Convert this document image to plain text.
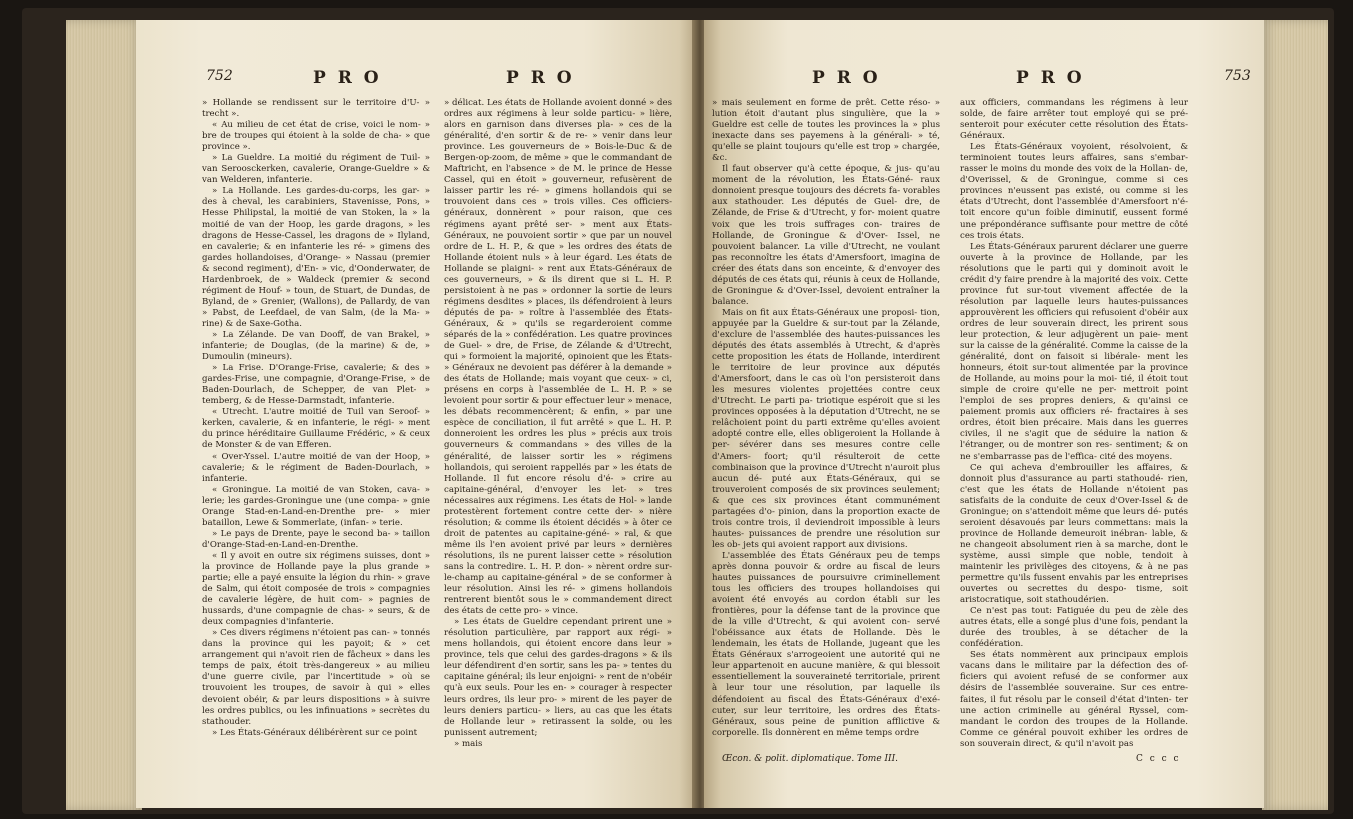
752	P R O	P R O

» Hollande se rendissent sur le territoire d'U- » trecht ».

« Au milieu de cet état de crise, voici le nom- » bre de troupes qui étoient à la solde de cha- » que province ».

» La Gueldre. La moitié du régiment de Tuil- » van Seroosckerken, cavalerie, Orange-Gueldre » & van Welderen, infanterie.

» La Hollande. Les gardes-du-corps, les gar- » des à cheval, les carabiniers, Stavenisse, Pons, » Hesse Philipstal, la moitié de van Stoken, la » la moitié de van der Hoop, les garde dragons, » les dragons de Hesse-Cassel, les dragons de » Ilyland, en cavalerie; & en infanterie les ré- » gimens des gardes hollandoises, d'Orange- » Nassau (premier & second regiment), d'En- » vic, d'Oonderwater, de Hardenbroek, de » Waldeck (premier & second régiment de Houf- » toun, de Stuart, de Dundas, de Byland, de » Grenier, (Wallons), de Pallardy, de van » Pabst, de Leefdael, de van Salm, (de la Ma- » rine) & de Saxe-Gotha.

» La Zélande. De van Dooff, de van Brakel, » infanterie; de Douglas, (de la marine) & de, » Dumoulin (mineurs).

» La Frise. D'Orange-Frise, cavalerie; & des » gardes-Frise, une compagnie, d'Orange-Frise, » de Baden-Dourlach, de Schepper, de van Plet- » temberg, & de Hesse-Darmstadt, infanterie.

« Utrecht. L'autre moitié de Tuil van Seroof- » kerken, cavalerie, & en infanterie, le régi- » ment du prince héréditaire Guillaume Frédéric, » & ceux de Monster & de van Efferen.

« Over-Yssel. L'autre moitié de van der Hoop, » cavalerie; & le régiment de Baden-Dourlach, » infanterie.

« Groningue. La moitié de van Stoken, cava- » lerie; les gardes-Groningue une (une compa- » gnie Orange Stad-en-Land-en-Drenthe pre- » mier bataillon, Lewe & Sommerlate, (infan- » terie.

» Le pays de Drente, paye le second ba- » taillon d'Orange-Stad-en-Land-en-Drenthe.

« Il y avoit en outre six régimens suisses, dont » la province de Hollande paye la plus grande » partie; elle a payé ensuite la légion du rhin- » grave de Salm, qui étoit composée de trois » compagnies de cavalerie légère, de huit com- » pagnies de hussards, d'une compagnie de chas- » seurs, & de deux compagnies d'infanterie.

» Ces divers régimens n'étoient pas can- » tonnés dans la province qui les payoit; & » cet arrangement qui n'avoit rien de fâcheux » dans les temps de paix, étoit très-dangereux » au milieu d'une guerre civile, par l'incertitude » où se trouvoient les troupes, de savoir à qui » elles devoient obéir, & par leurs dispositions » à suivre les ordres publics, ou les infinuations » secrètes du stathouder.

» Les États-Généraux délibérèrent sur ce point

» délicat. Les états de Hollande avoient donné » des ordres aux régimens à leur solde particu- » lière, alors en garnison dans diverses pla- » ces de la généralité, d'en sortir & de re- » venir dans leur province. Les gouverneurs de » Bois-le-Duc & de Bergen-op-zoom, de même » que le commandant de Maftricht, en l'absence » de M. le prince de Hesse Cassel, qui en étoit » gouverneur, refusèrent de laisser partir les ré- » gimens hollandois qui se trouvoient dans ces » trois villes. Ces officiers-généraux, donnèrent » pour raison, que ces régimens ayant prêté ser- » ment aux États-Généraux, ne pouvoient sortir » que par un nouvel ordre de L. H. P., & que » les ordres des états de Hollande étoient nuls » à leur égard. Les états de Hollande se plaigni- » rent aux États-Généraux de ces gouverneurs, » & ils dirent que si L. H. P. persistoient à ne pas » ordonner la sortie de leurs régimens desdites » places, ils défendroient à leurs députés de pa- » roître à l'assemblée des États-Généraux, & » qu'ils se regarderoient comme séparés de la » confédération. Les quatre provinces de Guel- » dre, de Frise, de Zélande & d'Utrecht, qui » formoient la majorité, opinoient que les États- » Généraux ne devoient pas déférer à la demande » des états de Hollande; mais voyant que ceux- » ci, présens en corps à l'assemblée de L. H. P. » se levoient pour sortir & pour effectuer leur » menace, les débats recommencèrent; & enfin, » par une espèce de conciliation, il fut arrêté » que L. H. P. donneroient les ordres les plus » précis aux trois gouverneurs & commandans » des villes de la généralité, de laisser sortir les » régimens hollandois, qui seroient rappellés par » les états de Hollande. Il fut encore résolu d'é- » crire au capitaine-général, d'envoyer les let- » tres nécessaires aux régimens. Les états de Hol- » lande protestèrent fortement contre cette der- » nière résolution; & comme ils étoient décidés » à ôter ce droit de patentes au capitaine-géné- » ral, & que même ils l'en avoient privé par leurs » dernières résolutions, ils ne purent laisser cette » résolution sans la contredire. L. H. P. don- » nèrent ordre sur-le-champ au capitaine-général » de se conformer à leur résolution. Ainsi les ré- » gimens hollandois rentrerent bientôt sous le » commandement direct des états de cette pro- » vince.

» Les états de Gueldre cependant prirent une » résolution particulière, par rapport aux régi- » mens hollandois, qui étoient encore dans leur » province, tels que celui des gardes-dragons » & ils leur défendirent d'en sortir, sans les pa- » tentes du capitaine général; ils leur enjoigni- » rent de n'obéir qu'à eux seuls. Pour les en- » courager à respecter leurs ordres, ils leur pro- » mirent de les payer de leurs deniers particu- » liers, au cas que les états de Hollande leur » retirassent la solde, ou les punissent autrement;

» mais

P R O	P R O	753

» mais seulement en forme de prêt. Cette réso- » lution étoit d'autant plus singulière, que la » Gueldre est celle de toutes les provinces la » plus inexacte dans ses payemens à la générali- » té, qu'elle se plaint toujours qu'elle est trop » chargée, &c.

Il faut observer qu'à cette époque, & jus- qu'au moment de la révolution, les États-Géné- raux donnoient presque toujours des décrets fa- vorables aux stathouder. Les députés de Guel- dre, de Zélande, de Frise & d'Utrecht, y for- moient quatre voix que les trois suffrages con- traires de Hollande, de Groningue & d'Over- Issel, ne pouvoient balancer. La ville d'Utrecht, ne voulant pas reconnoître les états d'Amersfoort, imagina de créer des états dans son enceinte, & d'envoyer des députés de ces états qui, réunis à ceux de Hollande, de Groningue & d'Over-Issel, devoient entraîner la balance.

Mais on fit aux États-Généraux une proposi- tion, appuyée par la Gueldre & sur-tout par la Zélande, d'exclure de l'assemblée des hautes-puissances les députés des états assemblés à Utrecht, & d'après cette proposition les états de Hollande, interdirent le territoire de leur province aux députés d'Amersfoort, dans le cas où l'on persisteroit dans les mesures violentes projettées contre ceux d'Utrecht. Le parti pa- triotique espéroit que si les provinces opposées à la députation d'Utrecht, ne se relâchoient point du parti extrême qu'elles avoient adopté contre elle, elles obligeroient la Hollande à per- sévérer dans ses mesures contre celle d'Amers- foort; qu'il résulteroit de cette combinaison que la province d'Utrecht n'auroit plus aucun dé- puté aux États-Généraux, qui se trouveroient composés de six provinces seulement; & que ces six provinces étant communément partagées d'o- pinion, dans la proportion exacte de trois contre trois, il deviendroit impossible à leurs hautes- puissances de prendre une résolution sur les ob- jets qui avoient rapport aux divisions.

L'assemblée des États Généraux peu de temps après donna pouvoir & ordre au fiscal de leurs hautes puissances de poursuivre criminellement tous les officiers des troupes hollandoises qui avoient été envoyés au cordon établi sur les frontières, pour la défense tant de la province que de la ville d'Utrecht, & qui avoient con- servé l'obéissance aux états de Hollande. Dès le lendemain, les états de Hollande, jugeant que les États Généraux s'arrogeoient une autorité qui ne leur appartenoit en aucune manière, & qui blessoit essentiellement la souveraineté territoriale, prirent à leur tour une résolution, par laquelle ils défendoient au fiscal des États-Généraux d'exé- cuter, sur leur territoire, les ordres des États- Généraux, sous peine de punition afflictive & corporelle. Ils donnèrent en même temps ordre

aux officiers, commandans les régimens à leur solde, de faire arrêter tout employé qui se pré- senteroit pour exécuter cette résolution des États-Généraux.

Les États-Généraux voyoient, résolvoient, & terminoient toutes leurs affaires, sans s'embar- rasser le moins du monde des voix de la Hollan- de, d'Overissel, & de Groningue, comme si ces provinces n'eussent pas existé, ou comme si les états d'Utrecht, dont l'assemblée d'Amersfoort n'é- toit encore qu'un foible diminutif, eussent formé une prépondérance suffisante pour mettre de côté ces trois états.

Les États-Généraux parurent déclarer une guerre ouverte à la province de Hollande, par les résolutions que le parti qui y dominoit avoit le crédit d'y faire prendre à la majorité des voix. Cette province fut sur-tout vivement affectée de la résolution par laquelle leurs hautes-puissances approuvèrent les officiers qui refusoient d'obéir aux ordres de leur souverain direct, les prirent sous leur protection, & leur adjugèrent un paie- ment sur la caisse de la généralité. Comme la caisse de la généralité, dont on faisoit si libérale- ment les honneurs, étoit sur-tout alimentée par la province de Hollande, au moins pour la moi- tié, il étoit tout simple de croire qu'elle ne per- mettroit point l'emploi de ses propres deniers, & qu'ainsi ce paiement promis aux officiers ré- fractaires à ses ordres, étoit bien précaire. Mais dans les guerres civiles, il ne s'agit que de séduire la nation & l'étranger, ou de montrer son res- sentiment; & on ne s'embarrasse pas de l'effica- cité des moyens.

Ce qui acheva d'embrouiller les affaires, & donnoit plus d'assurance au parti stathoudé- rien, c'est que les états de Hollande n'étoient pas satisfaits de la conduite de ceux d'Over-Issel & de Groningue; on s'attendoit même que leurs dé- putés seroient désavoués par leurs commettans: mais la province de Hollande demeuroit inébran- lable, & ne changeoit absolument rien à sa marche, dont le système, aussi simple que noble, tendoit à maintenir les privilèges des citoyens, & à ne pas permettre qu'ils fussent envahis par les entreprises ouvertes ou secrettes du despo- tisme, soit aristocratique, soit stathoudérien.

Ce n'est pas tout: Fatiguée du peu de zèle des autres états, elle a songé plus d'une fois, pendant la durée des troubles, à se détacher de la confédération.

Ses états nommèrent aux principaux emplois vacans dans le militaire par la défection des of- ficiers qui avoient refusé de se conformer aux désirs de l'assemblée souveraine. Sur ces entre- faites, il fut résolu par le conseil d'état d'inten- ter une action criminelle au général Ryssel, com- mandant le cordon des troupes de la Hollande. Comme ce général pouvoit exhiber les ordres de son souverain direct, & qu'il n'avoit pas

Œcon. & polit. diplomatique. Tome III.	C c c c
